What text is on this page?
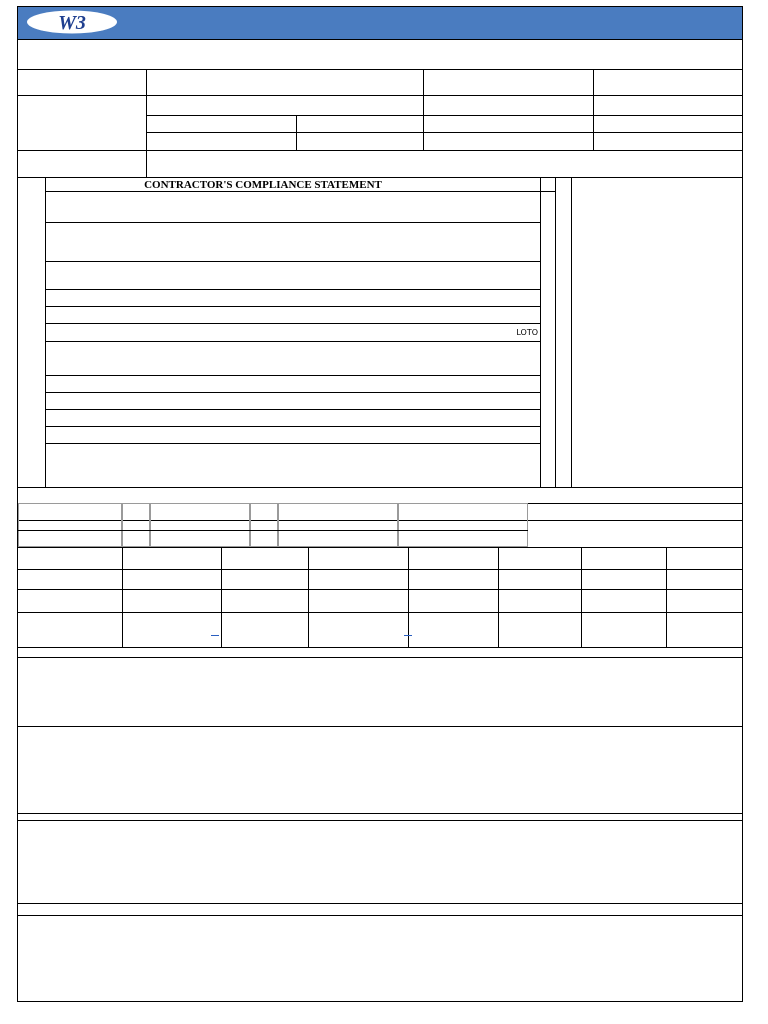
W3
CONTRACTOR'S COMPLIANCE STATEMENT
LOTO
